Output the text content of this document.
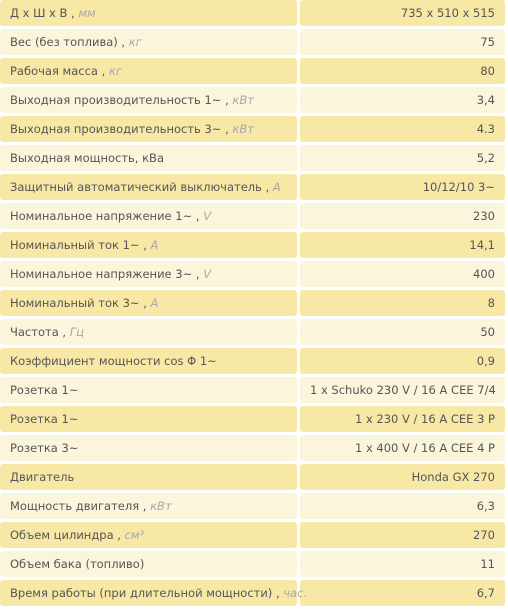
Д x Ш x В , мм	735 x 510 x 515
Вес (без топлива) , кг	75
Рабочая масса , кг	80
Выходная производительность 1~ , кВт	3,4
Выходная производительность 3~ , кВт	4.3
Выходная мощность, кВа	5,2
Защитный автоматический выключатель , A	10/12/10 3~
Номинальное напряжение 1~ , V	230
Номинальный ток 1~ , A	14,1
Номинальное напряжение 3~ , V	400
Номинальный ток 3~ , A	8
Частота , Гц	50
Коэффициент мощности cos Φ 1~	0,9
Розетка 1~	1 x Schuko 230 V / 16 A CEE 7/4
Розетка 1~	1 x 230 V / 16 A CEE 3 P
Розетка 3~	1 x 400 V / 16 A CEE 4 P
Двигатель	Honda GX 270
Мощность двигателя , кВт	6,3
Объем цилиндра , см³	270
Объем бака (топливо)	11
Время работы (при длительной мощности) , час.	6,7
